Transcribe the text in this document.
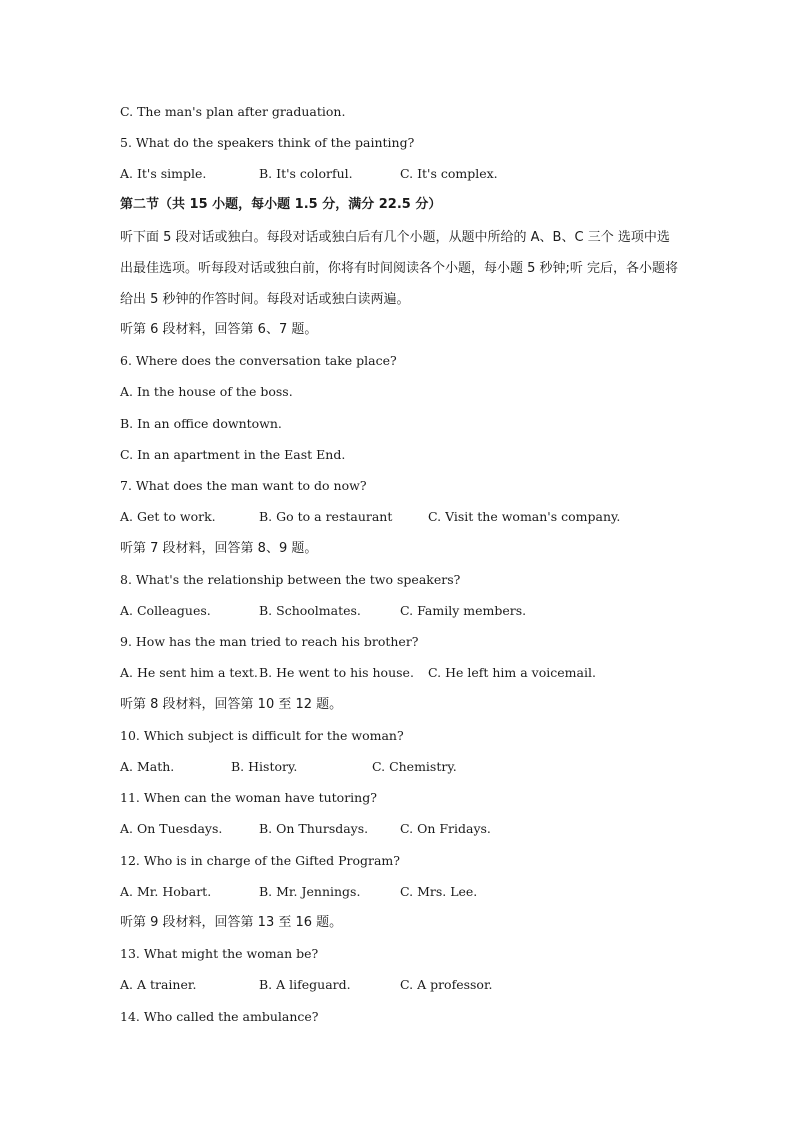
C. The man's plan after graduation.
5. What do the speakers think of the painting?
A. It's simple.	B. It's colorful.	C. It's complex.
第二节（共 15 小题，每小题 1.5 分，满分 22.5 分）
听下面 5 段对话或独白。每段对话或独白后有几个小题，从题中所给的 A、B、C 三个 选项中选出最佳选项。听每段对话或独白前，你将有时间阅读各个小题，每小题 5 秒钟;听 完后，各小题将给出 5 秒钟的作答时间。每段对话或独白读两遍。
听第 6 段材料，回答第 6、7 题。
6. Where does the conversation take place?
A. In the house of the boss.
B. In an office downtown.
C. In an apartment in the East End.
7. What does the man want to do now?
A. Get to work.	B. Go to a restaurant	C. Visit the woman's company.
听第 7 段材料，回答第 8、9 题。
8. What's the relationship between the two speakers?
A. Colleagues.	B. Schoolmates.	C. Family members.
9. How has the man tried to reach his brother?
A. He sent him a text. B. He went to his house. C. He left him a voicemail.
听第 8 段材料，回答第 10 至 12 题。
10. Which subject is difficult for the woman?
A. Math.	B. History.	C. Chemistry.
11. When can the woman have tutoring?
A. On Tuesdays.	B. On Thursdays.	C. On Fridays.
12. Who is in charge of the Gifted Program?
A. Mr. Hobart.	B. Mr. Jennings.	C. Mrs. Lee.
听第 9 段材料，回答第 13 至 16 题。
13. What might the woman be?
A. A trainer.	B. A lifeguard.	C. A professor.
14. Who called the ambulance?
